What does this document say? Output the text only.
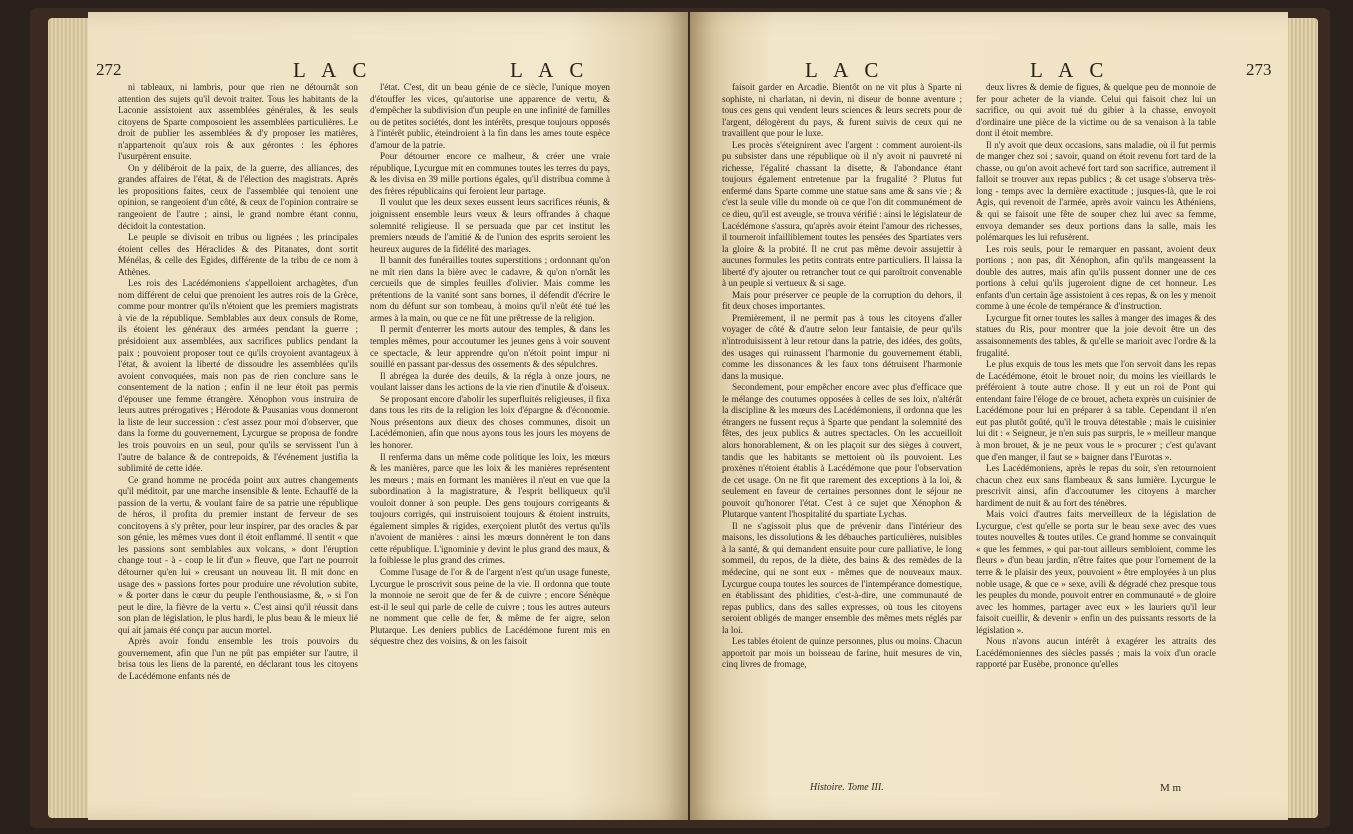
272	L A C	L A C

ni tableaux, ni lambris, pour que rien ne détournât son attention des sujets qu'il devoit traiter. Tous les habitants de la Laconie assistoient aux assemblées générales, & les seuls citoyens de Sparte composoient les assemblées particulières. Le droit de publier les assemblées & d'y proposer les matières, n'appartenoit qu'aux rois & aux gérontes : les éphores l'usurpèrent ensuite.

On y délibéroit de la paix, de la guerre, des alliances, des grandes affaires de l'état, & de l'élection des magistrats. Après les propositions faites, ceux de l'assemblée qui tenoient une opinion, se rangeoient d'un côté, & ceux de l'opinion contraire se rangeoient de l'autre ; ainsi, le grand nombre étant connu, décidoit la contestation.

Le peuple se divisoit en tribus ou lignées ; les principales étoient celles des Héraclides & des Pitanates, dont sortit Ménélas, & celle des Egides, différente de la tribu de ce nom à Athènes.

Les rois des Lacédémoniens s'appelloient archagètes, d'un nom différent de celui que prenoient les autres rois de la Grèce, comme pour montrer qu'ils n'étoient que les premiers magistrats à vie de la république. Semblables aux deux consuls de Rome, ils étoient les généraux des armées pendant la guerre ; présidoient aux assemblées, aux sacrifices publics pendant la paix ; pouvoient proposer tout ce qu'ils croyoient avantageux à l'état, & avoient la liberté de dissoudre les assemblées qu'ils avoient convoquées, mais non pas de rien conclure sans le consentement de la nation ; enfin il ne leur étoit pas permis d'épouser une femme étrangère. Xénophon vous instruira de leurs autres prérogatives ; Hérodote & Pausanias vous donneront la liste de leur succession : c'est assez pour moi d'observer, que dans la forme du gouvernement, Lycurgue se proposa de fondre les trois pouvoirs en un seul, pour qu'ils se servissent l'un à l'autre de balance & de contrepoids, & l'événement justifia la sublimité de cette idée.

Ce grand homme ne procéda point aux autres changements qu'il méditoit, par une marche insensible & lente. Echauffé de la passion de la vertu, & voulant faire de sa patrie une république de héros, il profita du premier instant de ferveur de ses concitoyens à s'y prêter, pour leur inspirer, par des oracles & par son génie, les mêmes vues dont il étoit enflammé. Il sentit « que les passions sont semblables aux volcans, » dont l'éruption change tout - à - coup le lit d'un » fleuve, que l'art ne pourroit détourner qu'en lui » creusant un nouveau lit. Il mit donc en usage des » passions fortes pour produire une révolution subite, » & porter dans le cœur du peuple l'enthousiasme, &, » si l'on peut le dire, la fièvre de la vertu ». C'est ainsi qu'il réussit dans son plan de législation, le plus hardi, le plus beau & le mieux lié qui ait jamais été conçu par aucun mortel.

Après avoir fondu ensemble les trois pouvoirs du gouvernement, afin que l'un ne pût pas empiéter sur l'autre, il brisa tous les liens de la parenté, en déclarant tous les citoyens de Lacédémone enfants nés de

l'état. C'est, dit un beau génie de ce siècle, l'unique moyen d'étouffer les vices, qu'autorise une apparence de vertu, & d'empêcher la subdivision d'un peuple en une infinité de familles ou de petites sociétés, dont les intérêts, presque toujours opposés à l'intérêt public, éteindroient à la fin dans les ames toute espèce d'amour de la patrie.

Pour détourner encore ce malheur, & créer une vraie république, Lycurgue mit en communes toutes les terres du pays, & les divisa en 39 mille portions égales, qu'il distribua comme à des frères républicains qui feroient leur partage.

Il voulut que les deux sexes eussent leurs sacrifices réunis, & joignissent ensemble leurs vœux & leurs offrandes à chaque solemnité religieuse. Il se persuada que par cet institut les premiers nœuds de l'amitié & de l'union des esprits seroient les heureux augures de la fidélité des mariages.

Il bannit des funérailles toutes superstitions ; ordonnant qu'on ne mît rien dans la bière avec le cadavre, & qu'on n'ornât les cercueils que de simples feuilles d'olivier. Mais comme les prétentions de la vanité sont sans bornes, il défendit d'écrire le nom du défunt sur son tombeau, à moins qu'il n'eût été tué les armes à la main, ou que ce ne fût une prêtresse de la religion.

Il permit d'enterrer les morts autour des temples, & dans les temples mêmes, pour accoutumer les jeunes gens à voir souvent ce spectacle, & leur apprendre qu'on n'étoit point impur ni souillé en passant par-dessus des ossements & des sépulchres.

Il abrégea la durée des deuils, & la régla à onze jours, ne voulant laisser dans les actions de la vie rien d'inutile & d'oiseux.

Se proposant encore d'abolir les superfluités religieuses, il fixa dans tous les rits de la religion les loix d'épargne & d'économie. Nous présentons aux dieux des choses communes, disoit un Lacédémonien, afin que nous ayons tous les jours les moyens de les honorer.

Il renferma dans un même code politique les loix, les mœurs & les manières, parce que les loix & les manières représentent les mœurs ; mais en formant les manières il n'eut en vue que la subordination à la magistrature, & l'esprit belliqueux qu'il vouloit donner à son peuple. Des gens toujours corrigeants & toujours corrigés, qui instruisoient toujours & étoient instruits, également simples & rigides, exerçoient plutôt des vertus qu'ils n'avoient de manières : ainsi les mœurs donnèrent le ton dans cette république. L'ignominie y devint le plus grand des maux, & la foiblesse le plus grand des crimes.

Comme l'usage de l'or & de l'argent n'est qu'un usage funeste, Lycurgue le proscrivit sous peine de la vie. Il ordonna que toute la monnoie ne seroit que de fer & de cuivre ; encore Sénèque est-il le seul qui parle de celle de cuivre ; tous les autres auteurs ne nomment que celle de fer, & même de fer aigre, selon Plutarque. Les deniers publics de Lacédémone furent mis en séquestre chez des voisins, & on les faisoit

L A C	L A C	273

faisoit garder en Arcadie. Bientôt on ne vit plus à Sparte ni sophiste, ni charlatan, ni devin, ni diseur de bonne aventure ; tous ces gens qui vendent leurs sciences & leurs secrets pour de l'argent, délogèrent du pays, & furent suivis de ceux qui ne travaillent que pour le luxe.

Les procès s'éteignirent avec l'argent : comment auroient-ils pu subsister dans une république où il n'y avoit ni pauvreté ni richesse, l'égalité chassant la disette, & l'abondance étant toujours également entretenue par la frugalité ? Plutus fut enfermé dans Sparte comme une statue sans ame & sans vie ; & c'est la seule ville du monde où ce que l'on dit communément de ce dieu, qu'il est aveugle, se trouva vérifié : ainsi le législateur de Lacédémone s'assura, qu'après avoir éteint l'amour des richesses, il tourneroit infailliblement toutes les pensées des Spartiates vers la gloire & la probité. Il ne crut pas même devoir assujettir à aucunes formules les petits contrats entre particuliers. Il laissa la liberté d'y ajouter ou retrancher tout ce qui paroîtroit convenable à un peuple si vertueux & si sage.

Mais pour préserver ce peuple de la corruption du dehors, il fit deux choses importantes.

Premièrement, il ne permit pas à tous les citoyens d'aller voyager de côté & d'autre selon leur fantaisie, de peur qu'ils n'introduisissent à leur retour dans la patrie, des idées, des goûts, des usages qui ruinassent l'harmonie du gouvernement établi, comme les dissonances & les faux tons détruisent l'harmonie dans la musique.

Secondement, pour empêcher encore avec plus d'efficace que le mélange des coutumes opposées à celles de ses loix, n'altérât la discipline & les mœurs des Lacédémoniens, il ordonna que les étrangers ne fussent reçus à Sparte que pendant la solemnité des fêtes, des jeux publics & autres spectacles. On les accueilloit alors honorablement, & on les plaçoit sur des sièges à couvert, tandis que les habitants se mettoient où ils pouvoient. Les proxènes n'étoient établis à Lacédémone que pour l'observation de cet usage. On ne fit que rarement des exceptions à la loi, & seulement en faveur de certaines personnes dont le séjour ne pouvoit qu'honorer l'état. C'est à ce sujet que Xénophon & Plutarque vantent l'hospitalité du spartiate Lychas.

Il ne s'agissoit plus que de prévenir dans l'intérieur des maisons, les dissolutions & les débauches particulières, nuisibles à la santé, & qui demandent ensuite pour cure palliative, le long sommeil, du repos, de la diète, des bains & des remèdes de la médecine, qui ne sont eux - mêmes que de nouveaux maux. Lycurgue coupa toutes les sources de l'intempérance domestique, en établissant des phidities, c'est-à-dire, une communauté de repas publics, dans des salles expresses, où tous les citoyens seroient obligés de manger ensemble des mêmes mets réglés par la loi.

Les tables étoient de quinze personnes, plus ou moins. Chacun apportoit par mois un boisseau de farine, huit mesures de vin, cinq livres de fromage,

deux livres & demie de figues, & quelque peu de monnoie de fer pour acheter de la viande. Celui qui faisoit chez lui un sacrifice, ou qui avoit tué du gibier à la chasse, envoyoit d'ordinaire une pièce de la victime ou de sa venaison à la table dont il étoit membre.

Il n'y avoit que deux occasions, sans maladie, où il fut permis de manger chez soi ; savoir, quand on étoit revenu fort tard de la chasse, ou qu'on avoit achevé fort tard son sacrifice, autrement il falloit se trouver aux repas publics ; & cet usage s'observa très-long - temps avec la dernière exactitude ; jusques-là, que le roi Agis, qui revenoit de l'armée, après avoir vaincu les Athéniens, & qui se faisoit une fête de souper chez lui avec sa femme, envoya demander ses deux portions dans la salle, mais les polémarques les lui refusèrent.

Les rois seuls, pour le remarquer en passant, avoient deux portions ; non pas, dit Xénophon, afin qu'ils mangeassent la double des autres, mais afin qu'ils pussent donner une de ces portions à celui qu'ils jugeroient digne de cet honneur. Les enfants d'un certain âge assistoient à ces repas, & on les y menoit comme à une école de tempérance & d'instruction.

Lycurgue fit orner toutes les salles à manger des images & des statues du Ris, pour montrer que la joie devoit être un des assaisonnements des tables, & qu'elle se marioit avec l'ordre & la frugalité.

Le plus exquis de tous les mets que l'on servoit dans les repas de Lacédémone, étoit le brouet noir, du moins les vieillards le préféroient à toute autre chose. Il y eut un roi de Pont qui entendant faire l'éloge de ce brouet, acheta exprès un cuisinier de Lacédémone pour lui en préparer à sa table. Cependant il n'en eut pas plutôt goûté, qu'il le trouva détestable ; mais le cuisinier lui dit : « Seigneur, je n'en suis pas surpris, le » meilleur manque à mon brouet, & je ne peux vous le » procurer ; c'est qu'avant que d'en manger, il faut se » baigner dans l'Eurotas ».

Les Lacédémoniens, après le repas du soir, s'en retournoient chacun chez eux sans flambeaux & sans lumière. Lycurgue le prescrivit ainsi, afin d'accoutumer les citoyens à marcher hardiment de nuit & au fort des ténèbres.

Mais voici d'autres faits merveilleux de la législation de Lycurgue, c'est qu'elle se porta sur le beau sexe avec des vues toutes nouvelles & toutes utiles. Ce grand homme se convainquit « que les femmes, » qui par-tout ailleurs sembloient, comme les fleurs » d'un beau jardin, n'être faites que pour l'ornement de la terre & le plaisir des yeux, pouvoient » être employées à un plus noble usage, & que ce » sexe, avili & dégradé chez presque tous les peuples du monde, pouvoit entrer en communauté » de gloire avec les hommes, partager avec eux » les lauriers qu'il leur faisoit cueillir, & devenir » enfin un des puissants ressorts de la législation ».

Nous n'avons aucun intérêt à exagérer les attraits des Lacédémoniennes des siècles passés ; mais la voix d'un oracle rapporté par Eusèbe, prononce qu'elles

Histoire. Tome III.	M m
